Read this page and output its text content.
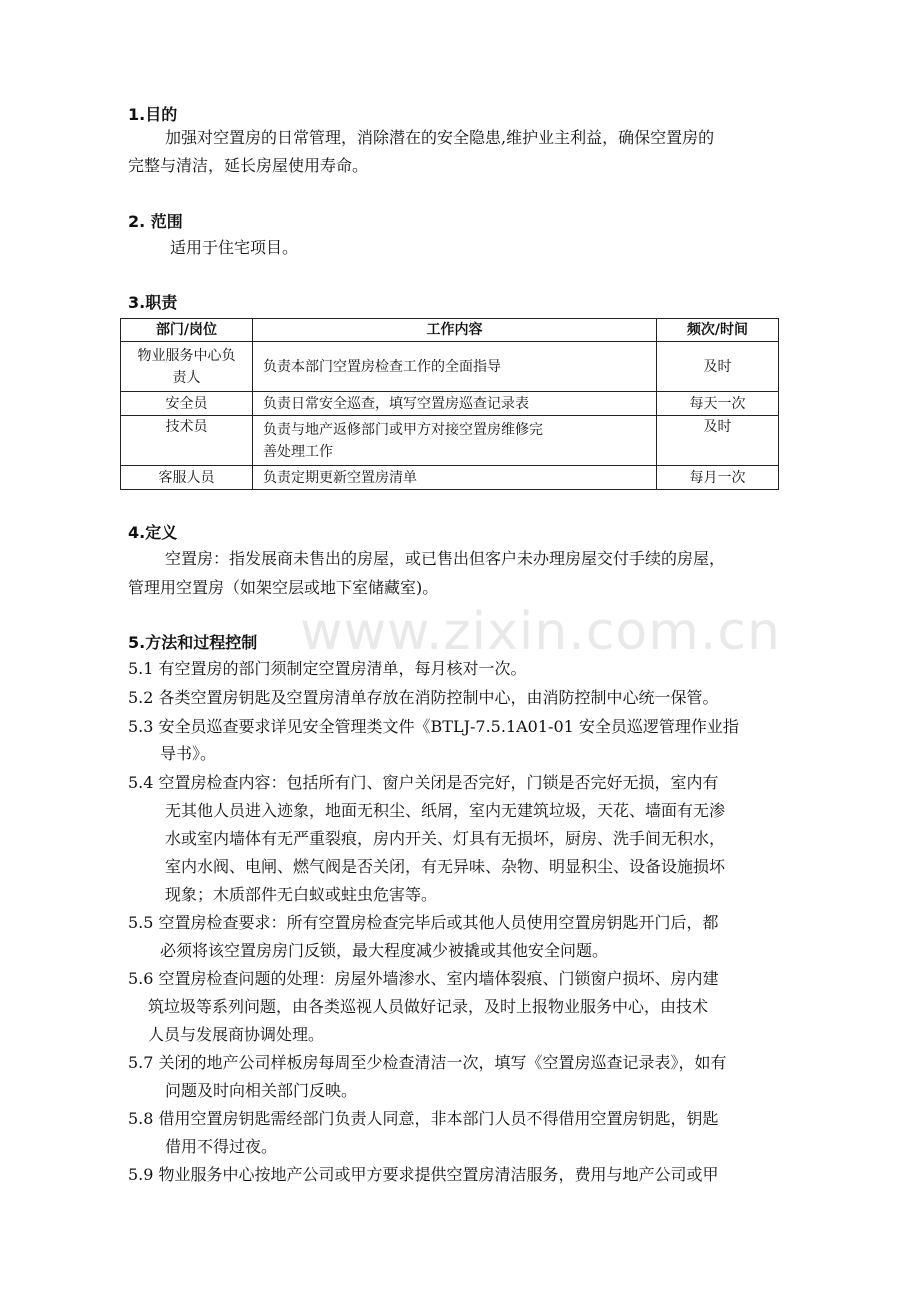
www.zixin.com.cn
1.目的
加强对空置房的日常管理，消除潜在的安全隐患,维护业主利益，确保空置房的
完整与清洁，延长房屋使用寿命。
2. 范围
适用于住宅项目。
3.职责
部门/岗位	工作内容	频次/时间
物业服务中心负
责人	负责本部门空置房检查工作的全面指导	及时
安全员	负责日常安全巡查，填写空置房巡查记录表	每天一次
技术员	负责与地产返修部门或甲方对接空置房维修完
善处理工作	及时
客服人员	负责定期更新空置房清单	每月一次
4.定义
空置房：指发展商未售出的房屋，或已售出但客户未办理房屋交付手续的房屋，
管理用空置房（如架空层或地下室储藏室)。
5.方法和过程控制
5.1 有空置房的部门须制定空置房清单，每月核对一次。
5.2 各类空置房钥匙及空置房清单存放在消防控制中心，由消防控制中心统一保管。
5.3 安全员巡查要求详见安全管理类文件《BTLJ-7.5.1A01-01 安全员巡逻管理作业指
导书》。
5.4 空置房检查内容：包括所有门、窗户关闭是否完好，门锁是否完好无损，室内有
无其他人员进入迹象，地面无积尘、纸屑，室内无建筑垃圾，天花、墙面有无渗
水或室内墙体有无严重裂痕，房内开关、灯具有无损坏，厨房、洗手间无积水，
室内水阀、电闸、燃气阀是否关闭，有无异味、杂物、明显积尘、设备设施损坏
现象；木质部件无白蚁或蛀虫危害等。
5.5 空置房检查要求：所有空置房检查完毕后或其他人员使用空置房钥匙开门后，都
必须将该空置房房门反锁，最大程度减少被撬或其他安全问题。
5.6 空置房检查问题的处理：房屋外墙渗水、室内墙体裂痕、门锁窗户损坏、房内建
筑垃圾等系列问题，由各类巡视人员做好记录，及时上报物业服务中心，由技术
人员与发展商协调处理。
5.7 关闭的地产公司样板房每周至少检查清洁一次，填写《空置房巡查记录表》，如有
问题及时向相关部门反映。
5.8 借用空置房钥匙需经部门负责人同意，非本部门人员不得借用空置房钥匙，钥匙
借用不得过夜。
5.9 物业服务中心按地产公司或甲方要求提供空置房清洁服务，费用与地产公司或甲
